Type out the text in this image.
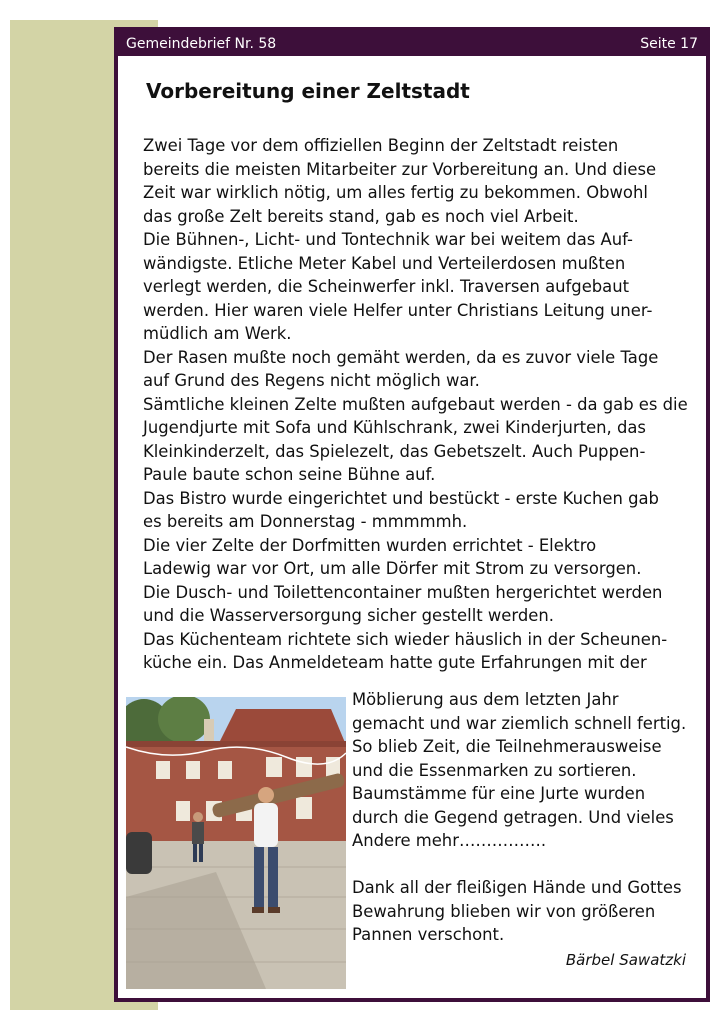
Gemeindebrief Nr. 58	Seite 17
Vorbereitung einer Zeltstadt
Zwei Tage vor dem offiziellen Beginn der Zeltstadt reisten
bereits die meisten Mitarbeiter zur Vorbereitung an. Und diese
Zeit war wirklich nötig, um alles fertig zu bekommen. Obwohl
das große Zelt bereits stand, gab es noch viel Arbeit.
Die Bühnen-, Licht- und Tontechnik war bei weitem das Auf-
wändigste. Etliche Meter Kabel und Verteilerdosen mußten
verlegt werden, die Scheinwerfer inkl. Traversen aufgebaut
werden. Hier waren viele Helfer unter Christians Leitung uner-
müdlich am Werk.
Der Rasen mußte noch gemäht werden, da es zuvor viele Tage
auf Grund des Regens nicht möglich war.
Sämtliche kleinen Zelte mußten aufgebaut werden - da gab es die
Jugendjurte mit Sofa und Kühlschrank, zwei Kinderjurten, das
Kleinkinderzelt, das Spielezelt, das Gebetszelt. Auch Puppen-
Paule baute schon seine Bühne auf.
Das Bistro wurde eingerichtet und bestückt - erste Kuchen gab
es bereits am Donnerstag - mmmmmh.
Die vier Zelte der Dorfmitten wurden errichtet - Elektro
Ladewig war vor Ort, um alle Dörfer mit Strom zu versorgen.
Die Dusch- und Toilettencontainer mußten hergerichtet werden
und die Wasserversorgung sicher gestellt werden.
Das Küchenteam richtete sich wieder häuslich in der Scheunen-
küche ein. Das Anmeldeteam hatte gute Erfahrungen mit der
Möblierung aus dem letzten Jahr
gemacht und war ziemlich schnell fertig.
So blieb Zeit, die Teilnehmerausweise
und die Essenmarken zu sortieren.
Baumstämme für eine Jurte wurden
durch die Gegend getragen. Und vieles
Andere mehr…………….
Dank all der fleißigen Hände und Gottes
Bewahrung blieben wir von größeren
Pannen verschont.
Bärbel Sawatzki
